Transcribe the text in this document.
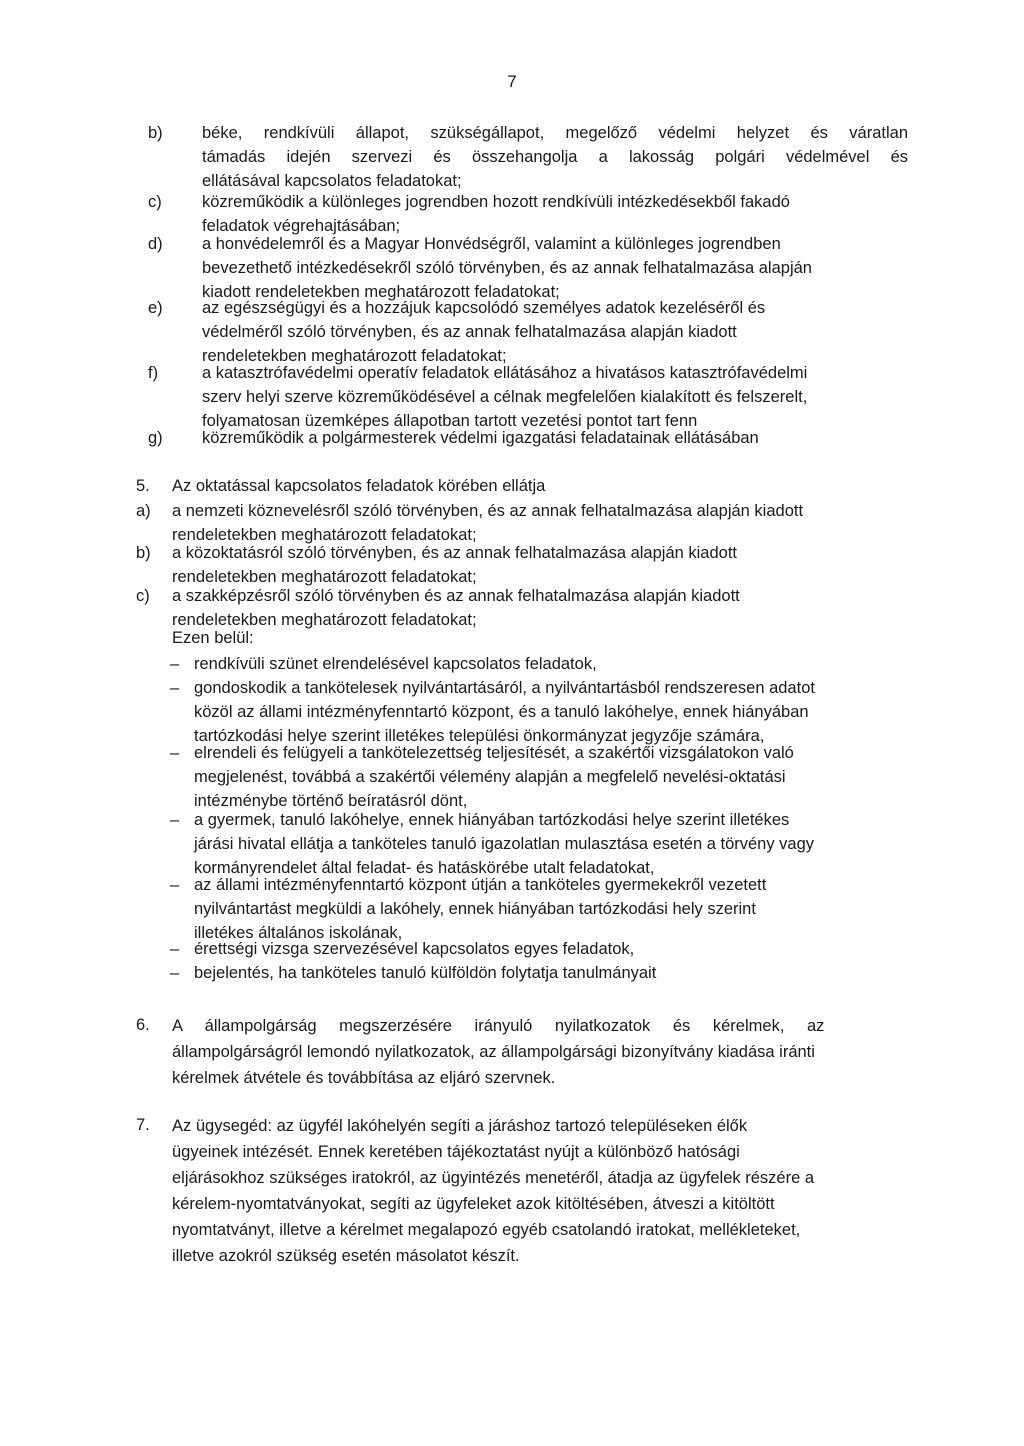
7
b) béke, rendkívüli állapot, szükségállapot, megelőző védelmi helyzet és váratlan
támadás idején szervezi és összehangolja a lakosság polgári védelmével és
ellátásával kapcsolatos feladatokat;
c) közreműködik a különleges jogrendben hozott rendkívüli intézkedésekből fakadó
feladatok végrehajtásában;
d) a honvédelemről és a Magyar Honvédségről, valamint a különleges jogrendben
bevezethető intézkedésekről szóló törvényben, és az annak felhatalmazása alapján
kiadott rendeletekben meghatározott feladatokat;
e) az egészségügyi és a hozzájuk kapcsolódó személyes adatok kezeléséről és
védelméről szóló törvényben, és az annak felhatalmazása alapján kiadott
rendeletekben meghatározott feladatokat;
f)	a katasztrófavédelmi operatív feladatok ellátásához a hivatásos katasztrófavédelmi
szerv helyi szerve közreműködésével a célnak megfelelően kialakított és felszerelt,
folyamatosan üzemképes állapotban tartott vezetési pontot tart fenn
g) közreműködik a polgármesterek védelmi igazgatási feladatainak ellátásában
5. Az oktatással kapcsolatos feladatok körében ellátja
a) a nemzeti köznevelésről szóló törvényben, és az annak felhatalmazása alapján kiadott
rendeletekben meghatározott feladatokat;
b) a közoktatásról szóló törvényben, és az annak felhatalmazása alapján kiadott
rendeletekben meghatározott feladatokat;
c) a szakképzésről szóló törvényben és az annak felhatalmazása alapján kiadott
rendeletekben meghatározott feladatokat;
Ezen belül:
– rendkívüli szünet elrendelésével kapcsolatos feladatok,
– gondoskodik a tankötelesek nyilvántartásáról, a nyilvántartásból rendszeresen adatot
közöl az állami intézményfenntartó központ, és a tanuló lakóhelye, ennek hiányában
tartózkodási helye szerint illetékes települési önkormányzat jegyzője számára,
– elrendeli és felügyeli a tankötelezettség teljesítését, a szakértői vizsgálatokon való
megjelenést, továbbá a szakértői vélemény alapján a megfelelő nevelési-oktatási
intézménybe történő beíratásról dönt,
– a gyermek, tanuló lakóhelye, ennek hiányában tartózkodási helye szerint illetékes
járási hivatal ellátja a tanköteles tanuló igazolatlan mulasztása esetén a törvény vagy
kormányrendelet által feladat- és hatáskörébe utalt feladatokat,
– az állami intézményfenntartó központ útján a tanköteles gyermekekről vezetett
nyilvántartást megküldi a lakóhely, ennek hiányában tartózkodási hely szerint
illetékes általános iskolának,
– érettségi vizsga szervezésével kapcsolatos egyes feladatok,
– bejelentés, ha tanköteles tanuló külföldön folytatja tanulmányait
6. A állampolgárság megszerzésére irányuló nyilatkozatok és kérelmek, az
állampolgárságról lemondó nyilatkozatok, az állampolgársági bizonyítvány kiadása iránti
kérelmek átvétele és továbbítása az eljáró szervnek.
7. Az ügysegéd: az ügyfél lakóhelyén segíti a járáshoz tartozó településeken élők
ügyeinek intézését. Ennek keretében tájékoztatást nyújt a különböző hatósági
eljárásokhoz szükséges iratokról, az ügyintézés menetéről, átadja az ügyfelek részére a
kérelem-nyomtatványokat, segíti az ügyfeleket azok kitöltésében, átveszi a kitöltött
nyomtatványt, illetve a kérelmet megalapozó egyéb csatolandó iratokat, mellékleteket,
illetve azokról szükség esetén másolatot készít.
